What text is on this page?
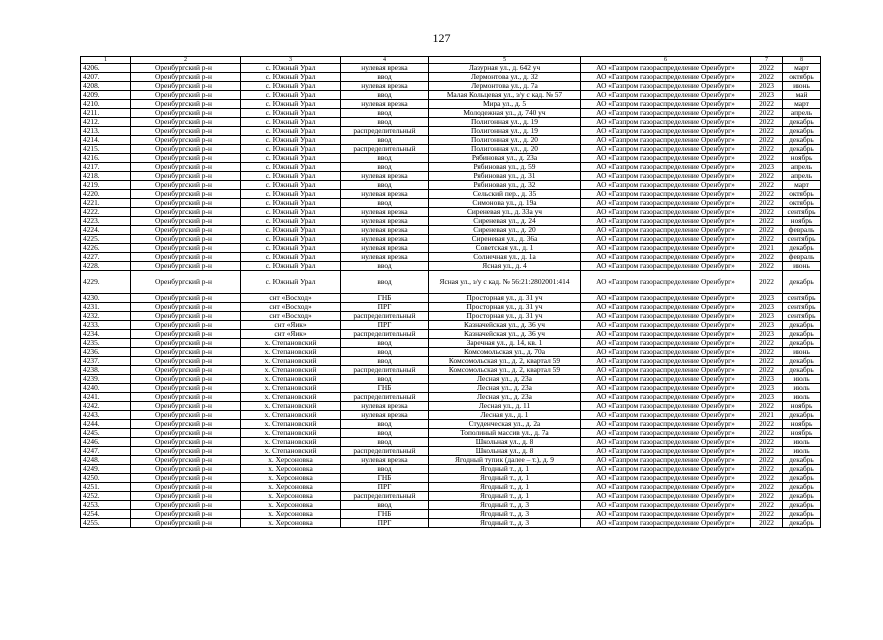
127
1	2	3	4	5	6	7	8
4206.	Оренбургский р-н	с. Южный Урал	нулевая врезка	Лазурная ул., д. 642 уч	АО «Газпром газораспределение Оренбург»	2022	март
4207.	Оренбургский р-н	с. Южный Урал	ввод	Лермонтова ул., д. 32	АО «Газпром газораспределение Оренбург»	2022	октябрь
4208.	Оренбургский р-н	с. Южный Урал	нулевая врезка	Лермонтова ул., д. 7а	АО «Газпром газораспределение Оренбург»	2023	июнь
4209.	Оренбургский р-н	с. Южный Урал	ввод	Малая Кольцевая ул., з/у с кад. № 57	АО «Газпром газораспределение Оренбург»	2023	май
4210.	Оренбургский р-н	с. Южный Урал	нулевая врезка	Мира ул., д. 5	АО «Газпром газораспределение Оренбург»	2022	март
4211.	Оренбургский р-н	с. Южный Урал	ввод	Молодежная ул., д. 740 уч	АО «Газпром газораспределение Оренбург»	2022	апрель
4212.	Оренбургский р-н	с. Южный Урал	ввод	Полигонная ул., д. 19	АО «Газпром газораспределение Оренбург»	2022	декабрь
4213.	Оренбургский р-н	с. Южный Урал	распределительный	Полигонная ул., д. 19	АО «Газпром газораспределение Оренбург»	2022	декабрь
4214.	Оренбургский р-н	с. Южный Урал	ввод	Полигонная ул., д. 20	АО «Газпром газораспределение Оренбург»	2022	декабрь
4215.	Оренбургский р-н	с. Южный Урал	распределительный	Полигонная ул., д. 20	АО «Газпром газораспределение Оренбург»	2022	декабрь
4216.	Оренбургский р-н	с. Южный Урал	ввод	Рябиновая ул., д. 23а	АО «Газпром газораспределение Оренбург»	2022	ноябрь
4217.	Оренбургский р-н	с. Южный Урал	ввод	Рябиновая ул., д. 59	АО «Газпром газораспределение Оренбург»	2023	апрель
4218.	Оренбургский р-н	с. Южный Урал	нулевая врезка	Рябиновая ул., д. 31	АО «Газпром газораспределение Оренбург»	2022	апрель
4219.	Оренбургский р-н	с. Южный Урал	ввод	Рябиновая ул., д. 32	АО «Газпром газораспределение Оренбург»	2022	март
4220.	Оренбургский р-н	с. Южный Урал	нулевая врезка	Сельский пер., д. 35	АО «Газпром газораспределение Оренбург»	2022	октябрь
4221.	Оренбургский р-н	с. Южный Урал	ввод	Симонова ул., д. 19а	АО «Газпром газораспределение Оренбург»	2022	октябрь
4222.	Оренбургский р-н	с. Южный Урал	нулевая врезка	Сиреневая ул., д. 33а уч	АО «Газпром газораспределение Оренбург»	2022	сентябрь
4223.	Оренбургский р-н	с. Южный Урал	нулевая врезка	Сиреневая ул., д. 24	АО «Газпром газораспределение Оренбург»	2022	ноябрь
4224.	Оренбургский р-н	с. Южный Урал	нулевая врезка	Сиреневая ул., д. 20	АО «Газпром газораспределение Оренбург»	2022	февраль
4225.	Оренбургский р-н	с. Южный Урал	нулевая врезка	Сиреневая ул., д. 36а	АО «Газпром газораспределение Оренбург»	2022	сентябрь
4226.	Оренбургский р-н	с. Южный Урал	нулевая врезка	Советская ул., д. 1	АО «Газпром газораспределение Оренбург»	2021	декабрь
4227.	Оренбургский р-н	с. Южный Урал	нулевая врезка	Солнечная ул., д. 1а	АО «Газпром газораспределение Оренбург»	2022	февраль
4228.	Оренбургский р-н	с. Южный Урал	ввод	Ясная ул., д. 4	АО «Газпром газораспределение Оренбург»	2022	июнь
4229.	Оренбургский р-н	с. Южный Урал	ввод	Ясная ул., з/у с кад. № 56:21:2802001:414	АО «Газпром газораспределение Оренбург»	2022	декабрь
4230.	Оренбургский р-н	снт «Восход»	ГНБ	Просторная ул., д. 31 уч	АО «Газпром газораспределение Оренбург»	2023	сентябрь
4231.	Оренбургский р-н	снт «Восход»	ПРГ	Просторная ул., д. 31 уч	АО «Газпром газораспределение Оренбург»	2023	сентябрь
4232.	Оренбургский р-н	снт «Восход»	распределительный	Просторная ул., д. 31 уч	АО «Газпром газораспределение Оренбург»	2023	сентябрь
4233.	Оренбургский р-н	снт «Яик»	ПРГ	Казначейская ул., д. 36 уч	АО «Газпром газораспределение Оренбург»	2023	декабрь
4234.	Оренбургский р-н	снт «Яик»	распределительный	Казначейская ул., д. 36 уч	АО «Газпром газораспределение Оренбург»	2023	декабрь
4235.	Оренбургский р-н	х. Степановский	ввод	Заречная ул., д. 14, кв. 1	АО «Газпром газораспределение Оренбург»	2022	декабрь
4236.	Оренбургский р-н	х. Степановский	ввод	Комсомольская ул., д. 70а	АО «Газпром газораспределение Оренбург»	2022	июнь
4237.	Оренбургский р-н	х. Степановский	ввод	Комсомольская ул., д. 2, квартал 59	АО «Газпром газораспределение Оренбург»	2022	декабрь
4238.	Оренбургский р-н	х. Степановский	распределительный	Комсомольская ул., д. 2, квартал 59	АО «Газпром газораспределение Оренбург»	2022	декабрь
4239.	Оренбургский р-н	х. Степановский	ввод	Лесная ул., д. 23а	АО «Газпром газораспределение Оренбург»	2023	июль
4240.	Оренбургский р-н	х. Степановский	ГНБ	Лесная ул., д. 23а	АО «Газпром газораспределение Оренбург»	2023	июль
4241.	Оренбургский р-н	х. Степановский	распределительный	Лесная ул., д. 23а	АО «Газпром газораспределение Оренбург»	2023	июль
4242.	Оренбургский р-н	х. Степановский	нулевая врезка	Лесная ул., д. 11	АО «Газпром газораспределение Оренбург»	2022	ноябрь
4243.	Оренбургский р-н	х. Степановский	нулевая врезка	Лесная ул., д. 1	АО «Газпром газораспределение Оренбург»	2021	декабрь
4244.	Оренбургский р-н	х. Степановский	ввод	Студенческая ул., д. 2а	АО «Газпром газораспределение Оренбург»	2022	ноябрь
4245.	Оренбургский р-н	х. Степановский	ввод	Тополиный массив ул., д. 7а	АО «Газпром газораспределение Оренбург»	2022	ноябрь
4246.	Оренбургский р-н	х. Степановский	ввод	Школьная ул., д. 8	АО «Газпром газораспределение Оренбург»	2022	июль
4247.	Оренбургский р-н	х. Степановский	распределительный	Школьная ул., д. 8	АО «Газпром газораспределение Оренбург»	2022	июль
4248.	Оренбургский р-н	х. Херсоновка	нулевая врезка	Ягодный тупик (далее – т.), д. 9	АО «Газпром газораспределение Оренбург»	2022	декабрь
4249.	Оренбургский р-н	х. Херсоновка	ввод	Ягодный т., д. 1	АО «Газпром газораспределение Оренбург»	2022	декабрь
4250.	Оренбургский р-н	х. Херсоновка	ГНБ	Ягодный т., д. 1	АО «Газпром газораспределение Оренбург»	2022	декабрь
4251.	Оренбургский р-н	х. Херсоновка	ПРГ	Ягодный т., д. 1	АО «Газпром газораспределение Оренбург»	2022	декабрь
4252.	Оренбургский р-н	х. Херсоновка	распределительный	Ягодный т., д. 1	АО «Газпром газораспределение Оренбург»	2022	декабрь
4253.	Оренбургский р-н	х. Херсоновка	ввод	Ягодный т., д. 3	АО «Газпром газораспределение Оренбург»	2022	декабрь
4254.	Оренбургский р-н	х. Херсоновка	ГНБ	Ягодный т., д. 3	АО «Газпром газораспределение Оренбург»	2022	декабрь
4255.	Оренбургский р-н	х. Херсоновка	ПРГ	Ягодный т., д. 3	АО «Газпром газораспределение Оренбург»	2022	декабрь
